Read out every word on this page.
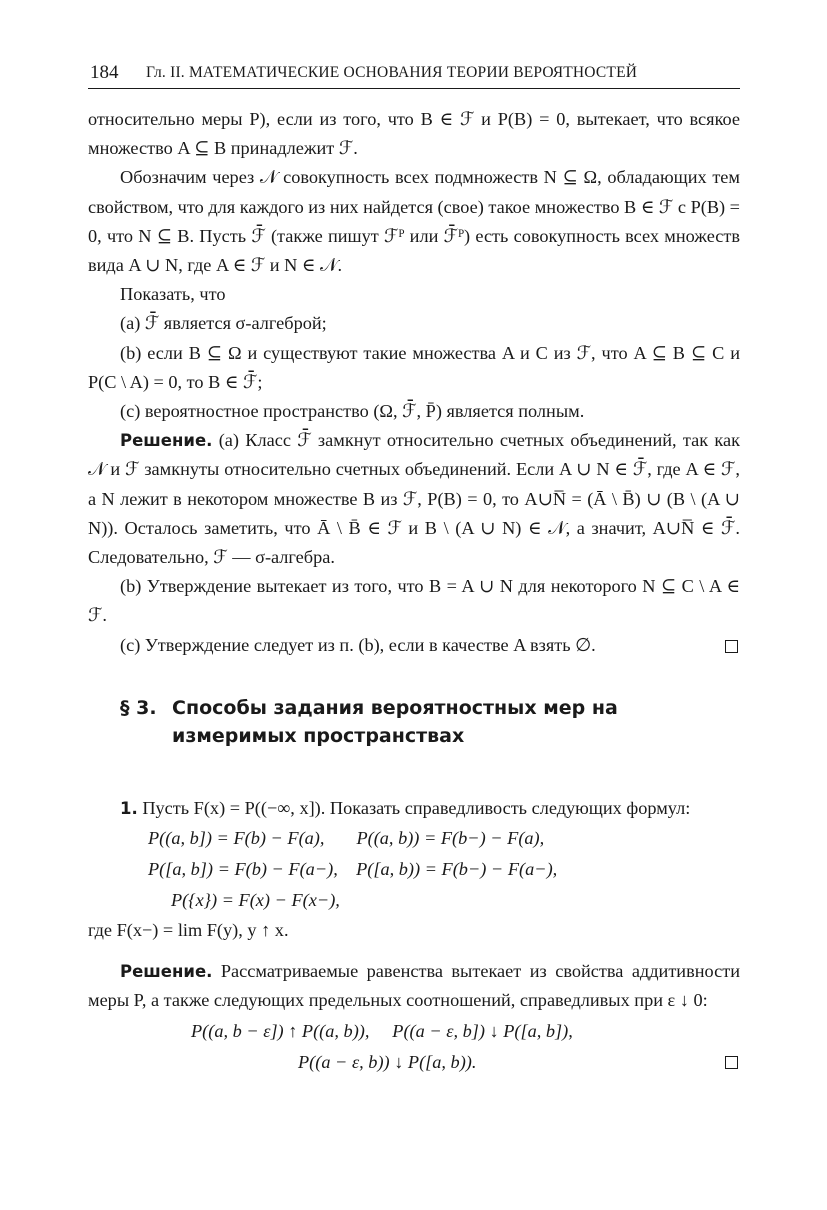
184 Гл. II. МАТЕМАТИЧЕСКИЕ ОСНОВАНИЯ ТЕОРИИ ВЕРОЯТНОСТЕЙ

относительно меры P), если из того, что B ∈ ℱ и P(B) = 0, вытекает, что всякое множество A ⊆ B принадлежит ℱ.

Обозначим через 𝒩 совокупность всех подмножеств N ⊆ Ω, обладающих тем свойством, что для каждого из них найдется (свое) такое множество B ∈ ℱ с P(B) = 0, что N ⊆ B. Пусть ℱ̄ (также пишут ℱᴾ или ℱ̄ᴾ) есть совокупность всех множеств вида A ∪ N, где A ∈ ℱ и N ∈ 𝒩.

Показать, что

(a) ℱ̄ является σ-алгеброй;

(b) если B ⊆ Ω и существуют такие множества A и C из ℱ, что A ⊆ B ⊆ C и P(C \ A) = 0, то B ∈ ℱ̄;

(c) вероятностное пространство (Ω, ℱ̄, P̄) является полным.

Решение. (a) Класс ℱ̄ замкнут относительно счетных объединений, так как 𝒩 и ℱ замкнуты относительно счетных объединений. Если A ∪ N ∈ ℱ̄, где A ∈ ℱ, а N лежит в некотором множестве B из ℱ, P(B) = 0, то A∪N̅ = (Ā \ B̄) ∪ (B \ (A ∪ N)). Осталось заметить, что Ā \ B̄ ∈ ℱ и B \ (A ∪ N) ∈ 𝒩, а значит, A∪N̅ ∈ ℱ̄. Следовательно, ℱ — σ-алгебра.

(b) Утверждение вытекает из того, что B = A ∪ N для некоторого N ⊆ C \ A ∈ ℱ.

(c) Утверждение следует из п. (b), если в качестве A взять ∅.

§ 3. Способы задания вероятностных мер на измеримых пространствах

1. Пусть F(x) = P((−∞, x]). Показать справедливость следующих формул:

P((a, b]) = F(b) − F(a),       P((a, b)) = F(b−) − F(a),
P([a, b]) = F(b) − F(a−),    P([a, b)) = F(b−) − F(a−),
P({x}) = F(x) − F(x−),

где F(x−) = lim F(y), y ↑ x.

Решение. Рассматриваемые равенства вытекает из свойства аддитивности меры P, а также следующих предельных соотношений, справедливых при ε ↓ 0:

P((a, b − ε]) ↑ P((a, b)),     P((a − ε, b]) ↓ P([a, b]),
P((a − ε, b)) ↓ P([a, b)).
